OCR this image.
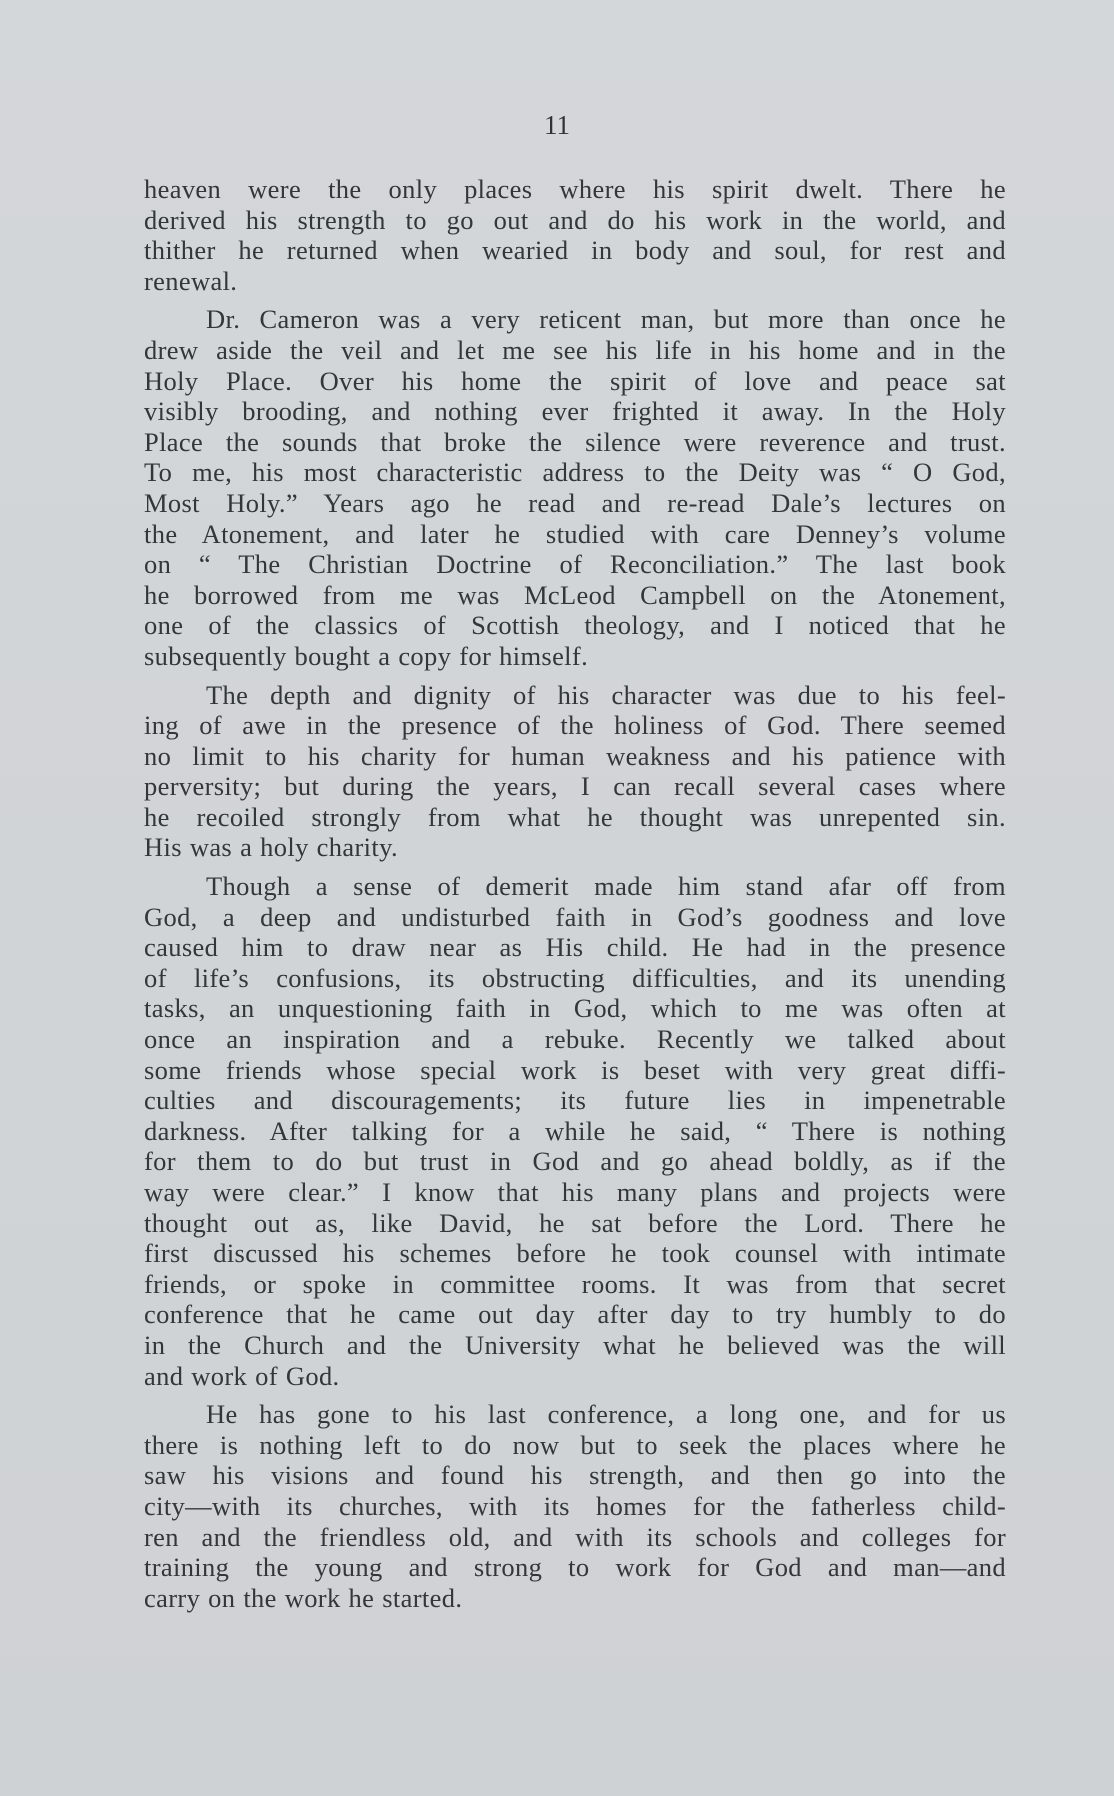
11

heaven were the only places where his spirit dwelt. There he
derived his strength to go out and do his work in the world, and
thither he returned when wearied in body and soul, for rest and
renewal.

Dr. Cameron was a very reticent man, but more than once he
drew aside the veil and let me see his life in his home and in the
Holy Place. Over his home the spirit of love and peace sat
visibly brooding, and nothing ever frighted it away. In the Holy
Place the sounds that broke the silence were reverence and trust.
To me, his most characteristic address to the Deity was “ O God,
Most Holy.” Years ago he read and re-read Dale’s lectures on
the Atonement, and later he studied with care Denney’s volume
on “ The Christian Doctrine of Reconciliation.” The last book
he borrowed from me was McLeod Campbell on the Atonement,
one of the classics of Scottish theology, and I noticed that he
subsequently bought a copy for himself.

The depth and dignity of his character was due to his feel-
ing of awe in the presence of the holiness of God. There seemed
no limit to his charity for human weakness and his patience with
perversity; but during the years, I can recall several cases where
he recoiled strongly from what he thought was unrepented sin.
His was a holy charity.

Though a sense of demerit made him stand afar off from
God, a deep and undisturbed faith in God’s goodness and love
caused him to draw near as His child. He had in the presence
of life’s confusions, its obstructing difficulties, and its unending
tasks, an unquestioning faith in God, which to me was often at
once an inspiration and a rebuke. Recently we talked about
some friends whose special work is beset with very great diffi-
culties and discouragements; its future lies in impenetrable
darkness. After talking for a while he said, “ There is nothing
for them to do but trust in God and go ahead boldly, as if the
way were clear.” I know that his many plans and projects were
thought out as, like David, he sat before the Lord. There he
first discussed his schemes before he took counsel with intimate
friends, or spoke in committee rooms. It was from that secret
conference that he came out day after day to try humbly to do
in the Church and the University what he believed was the will
and work of God.

He has gone to his last conference, a long one, and for us
there is nothing left to do now but to seek the places where he
saw his visions and found his strength, and then go into the
city—with its churches, with its homes for the fatherless child-
ren and the friendless old, and with its schools and colleges for
training the young and strong to work for God and man—and
carry on the work he started.
